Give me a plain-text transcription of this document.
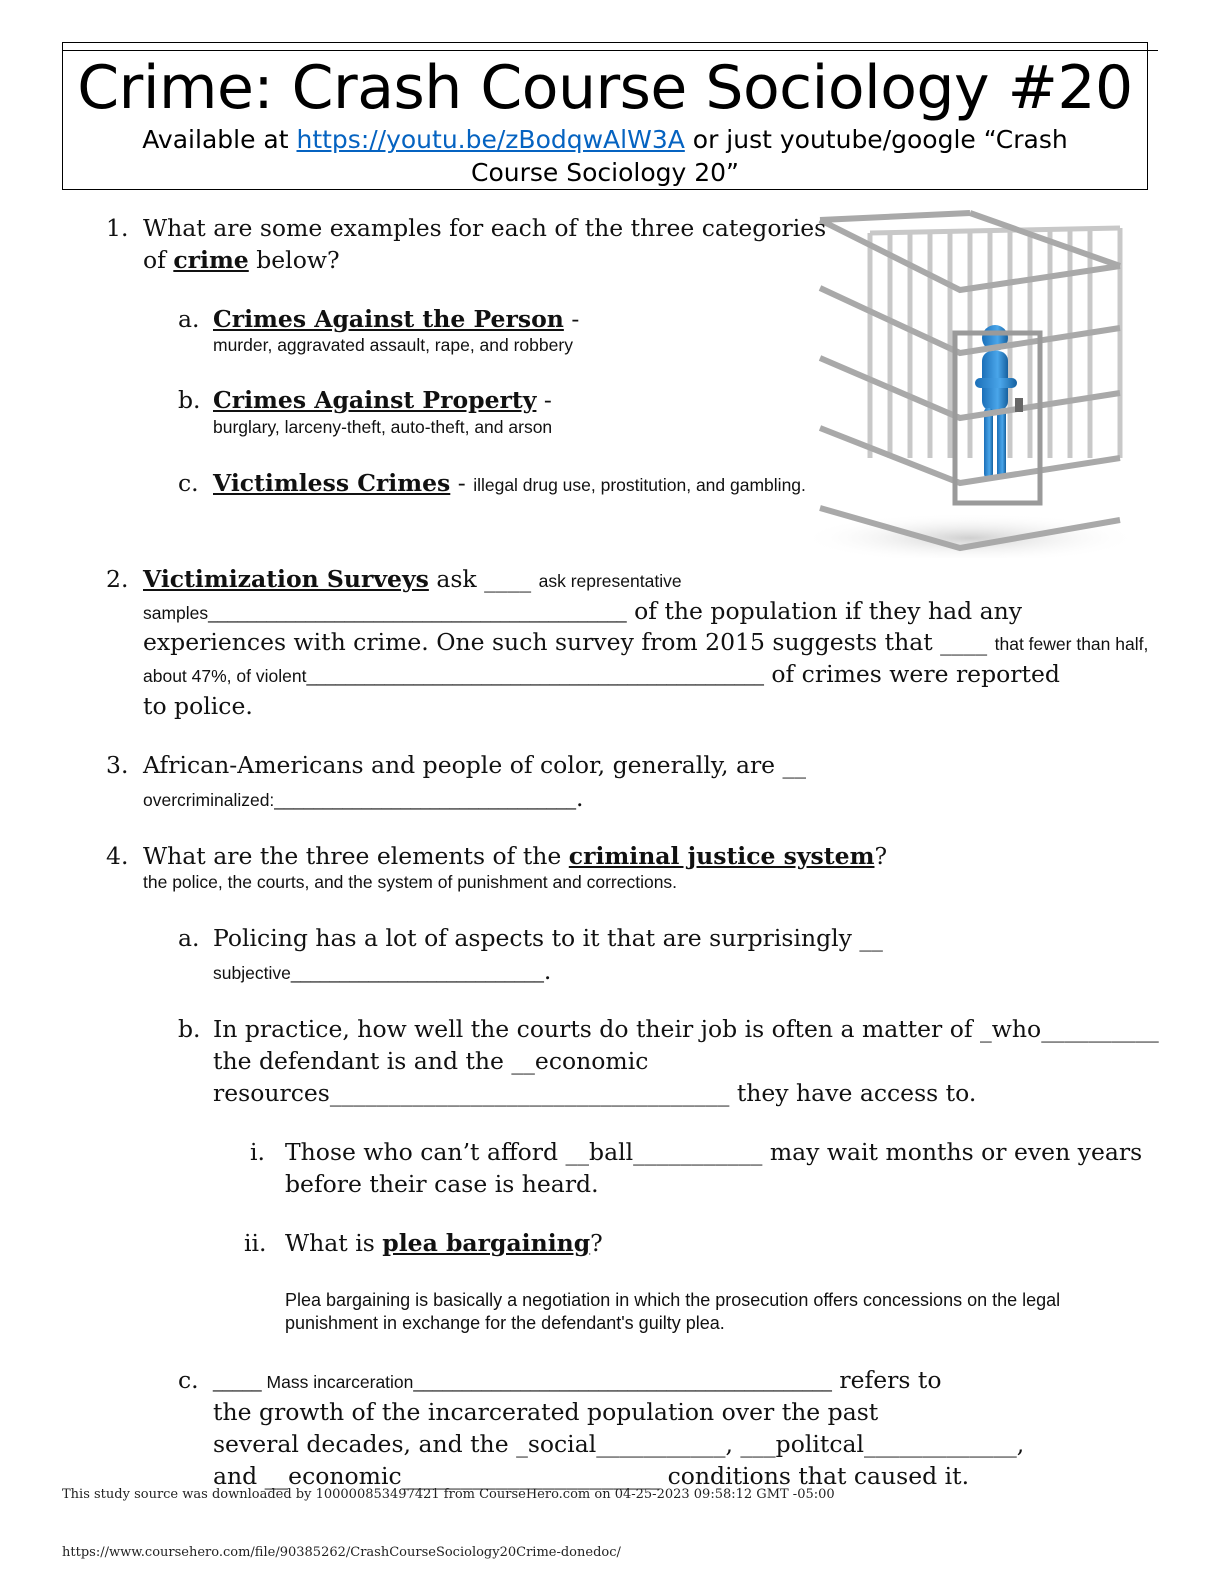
Crime: Crash Course Sociology #20
Available at https://youtu.be/zBodqwAlW3A or just youtube/google “Crash
Course Sociology 20”
1. What are some examples for each of the three categories
of crime below?
a. Crimes Against the Person -
murder, aggravated assault, rape, and robbery
b. Crimes Against Property -
burglary, larceny-theft, auto-theft, and arson
c. Victimless Crimes - illegal drug use, prostitution, and gambling.
2. Victimization Surveys ask ____ ask representative
samples___________________________________________ of the population if they had any
experiences with crime. One such survey from 2015 suggests that ____ that fewer than half,
about 47%, of violent_______________________________________________ of crimes were reported
to police.
3. African-Americans and people of color, generally, are __
overcriminalized:_______________________________.
4. What are the three elements of the criminal justice system?
the police, the courts, and the system of punishment and corrections.
a. Policing has a lot of aspects to it that are surprisingly __
subjective__________________________.
b. In practice, how well the courts do their job is often a matter of _who__________
the defendant is and the __economic
resources__________________________________ they have access to.
i. Those who can’t afford __ball___________ may wait months or even years
before their case is heard.
ii. What is plea bargaining?
Plea bargaining is basically a negotiation in which the prosecution offers concessions on the legal
punishment in exchange for the defendant's guilty plea.
c. _____ Mass incarceration___________________________________________ refers to
the growth of the incarcerated population over the past
several decades, and the _social___________, ___politcal_____________,
and __economic______________________ conditions that caused it.
This study source was downloaded by 100000853497421 from CourseHero.com on 04-25-2023 09:58:12 GMT -05:00
https://www.coursehero.com/file/90385262/CrashCourseSociology20Crime-donedoc/
